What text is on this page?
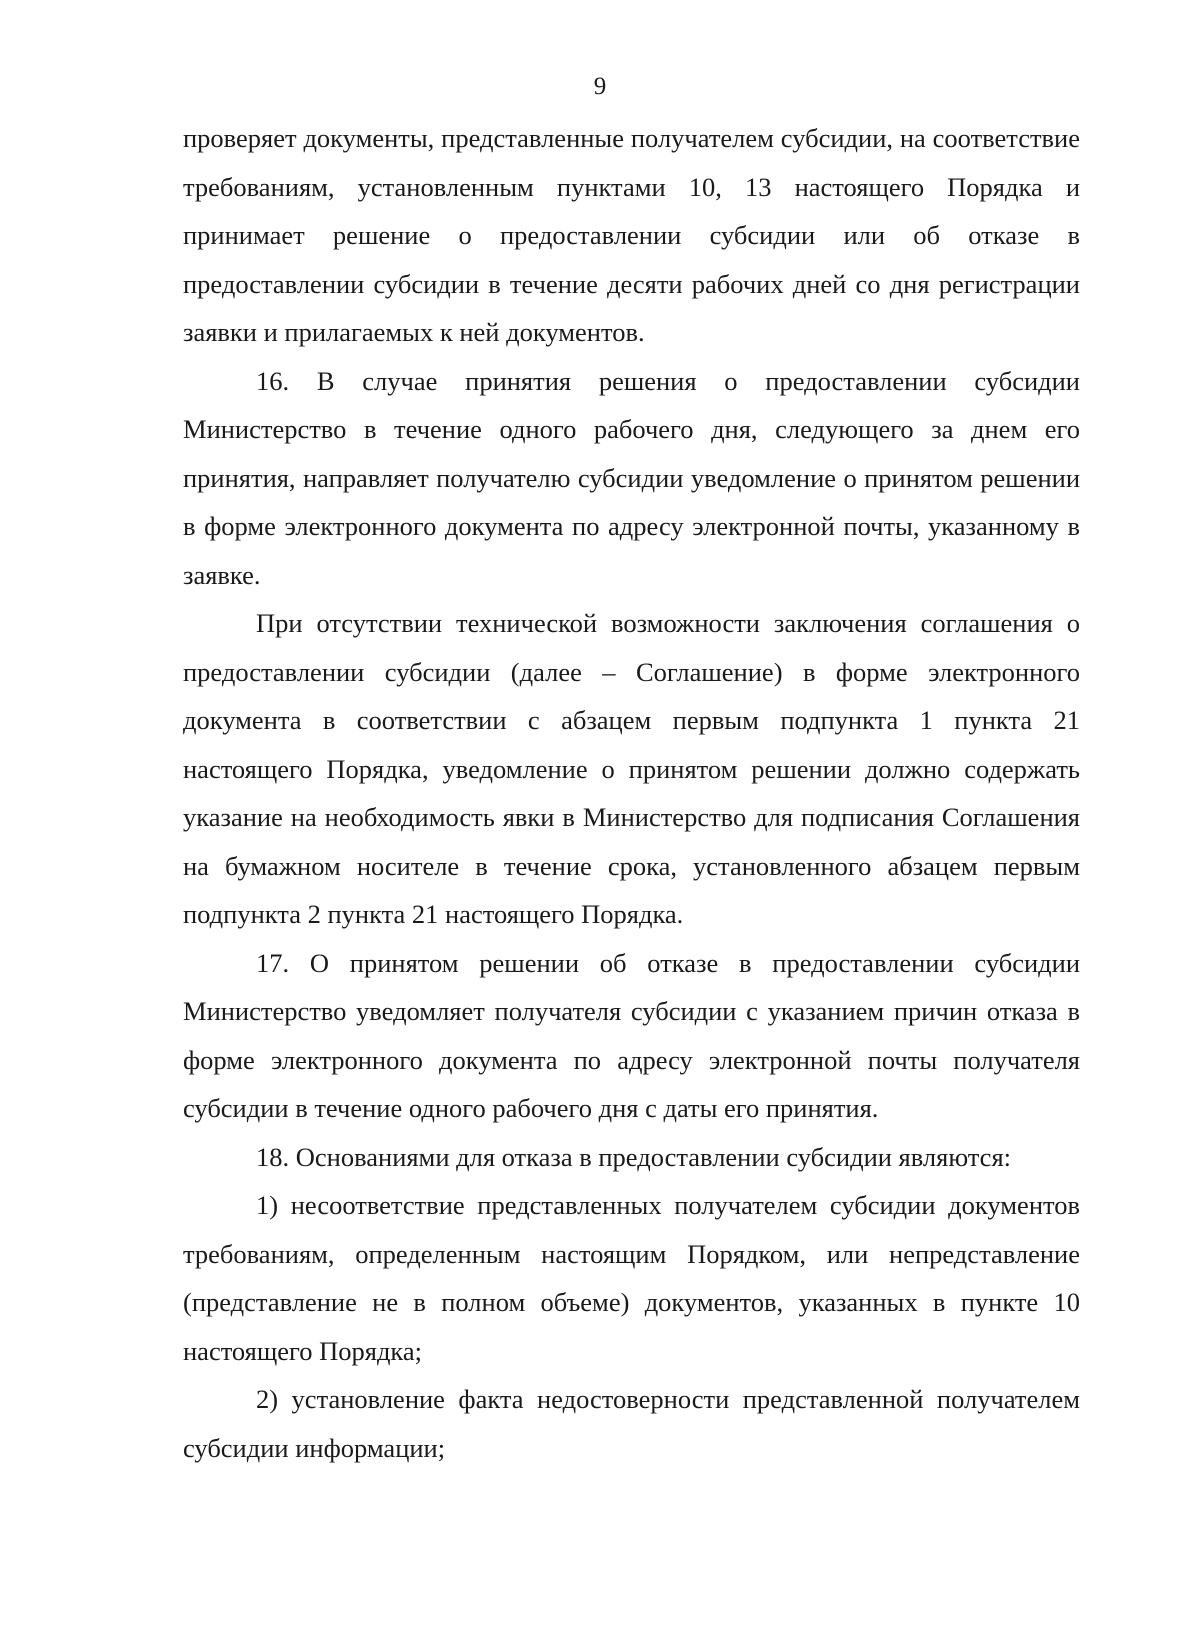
9

проверяет документы, представленные получателем субсидии, на соответствие требованиям, установленным пунктами 10, 13 настоящего Порядка и принимает решение о предоставлении субсидии или об отказе в предоставлении субсидии в течение десяти рабочих дней со дня регистрации заявки и прилагаемых к ней документов.

16. В случае принятия решения о предоставлении субсидии Министерство в течение одного рабочего дня, следующего за днем его принятия, направляет получателю субсидии уведомление о принятом решении в форме электронного документа по адресу электронной почты, указанному в заявке.

При отсутствии технической возможности заключения соглашения о предоставлении субсидии (далее – Соглашение) в форме электронного документа в соответствии с абзацем первым подпункта 1 пункта 21 настоящего Порядка, уведомление о принятом решении должно содержать указание на необходимость явки в Министерство для подписания Соглашения на бумажном носителе в течение срока, установленного абзацем первым подпункта 2 пункта 21 настоящего Порядка.

17. О принятом решении об отказе в предоставлении субсидии Министерство уведомляет получателя субсидии с указанием причин отказа в форме электронного документа по адресу электронной почты получателя субсидии в течение одного рабочего дня с даты его принятия.

18. Основаниями для отказа в предоставлении субсидии являются:

1) несоответствие представленных получателем субсидии документов требованиям, определенным настоящим Порядком, или непредставление (представление не в полном объеме) документов, указанных в пункте 10 настоящего Порядка;

2) установление факта недостоверности представленной получателем субсидии информации;
